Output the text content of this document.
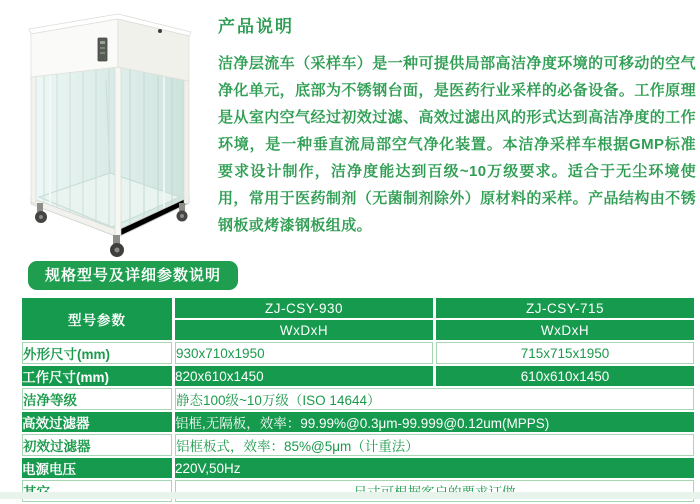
产品说明

洁净层流车（采样车）是一种可提供局部高洁净度环境的可移动的空气净化单元，底部为不锈钢台面，是医药行业采样的必备设备。工作原理是从室内空气经过初效过滤、高效过滤出风的形式达到高洁净度的工作环境，是一种垂直流局部空气净化装置。本洁净采样车根据GMP标准要求设计制作，洁净度能达到百级~10万级要求。适合于无尘环境使用，常用于医药制剂（无菌制剂除外）原材料的采样。产品结构由不锈钢板或烤漆钢板组成。

规格型号及详细参数说明
型号参数	ZJ-CSY-930	ZJ-CSY-715
	WxDxH	WxDxH
外形尺寸(mm)	930x710x1950	715x715x1950
工作尺寸(mm)	820x610x1450	610x610x1450
洁净等级	静态100级~10万级（ISO 14644）	
高效过滤器	铝框,无隔板，效率：99.99%@0.3μm-99.999@0.12um(MPPS)	
初效过滤器	铝框板式，效率：85%@5μm（计重法）	
电源电压	220V,50Hz	
